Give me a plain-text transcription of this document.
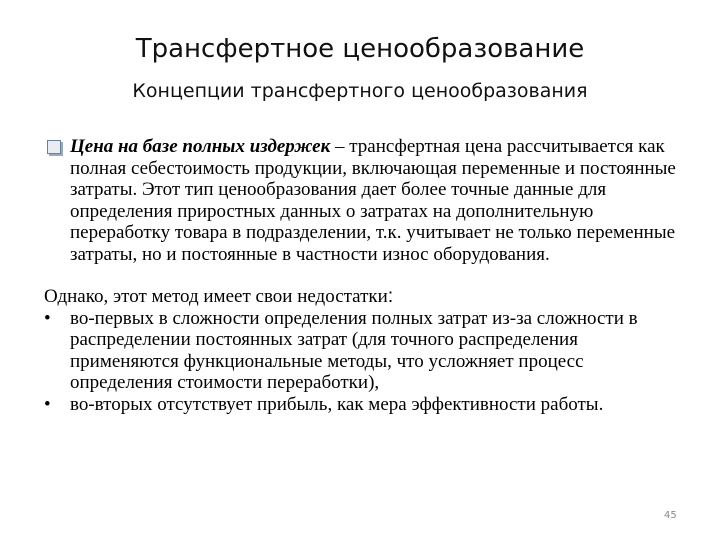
Трансфертное ценообразование
Концепции трансфертного ценообразования
Цена на базе полных издержек – трансфертная цена рассчитывается как полная себестоимость продукции, включающая переменные и постоянные затраты. Этот тип ценообразования дает более точные данные для определения приростных данных о затратах на дополнительную переработку товара в подразделении, т.к. учитывает не только переменные затраты, но и постоянные в частности износ оборудования.
Однако, этот метод имеет свои недостатки:
• во-первых в сложности определения полных затрат из-за сложности в распределении постоянных затрат (для точного распределения применяются функциональные методы, что усложняет процесс определения стоимости переработки),
• во-вторых отсутствует прибыль, как мера эффективности работы.
45
